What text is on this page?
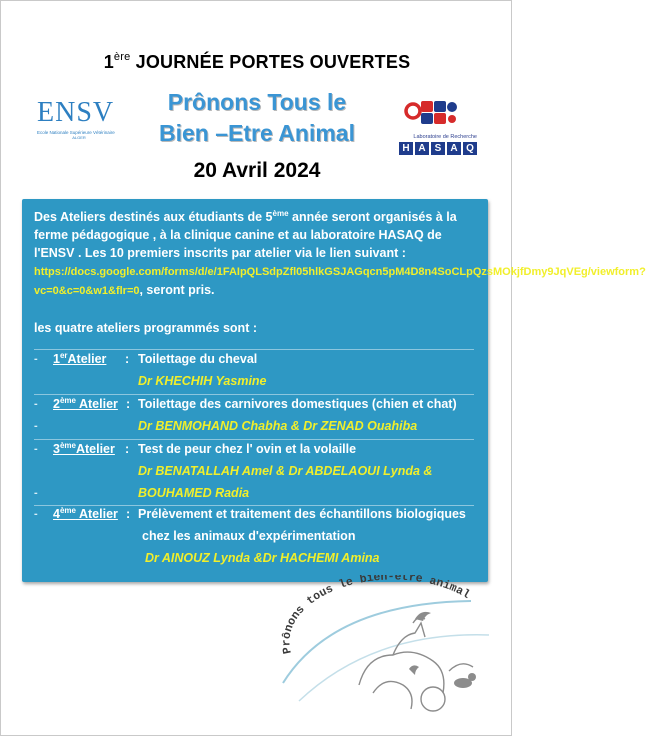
1ère JOURNÉE PORTES OUVERTES
ENSV
Ecole Nationale Supérieure Vétérinaire
ALGER
Prônons Tous le
Bien –Etre Animal	Laboratoire de Recherche
H A S A Q
20 Avril 2024
Des Ateliers destinés aux étudiants de 5ème année seront organisés à la ferme pédagogique , à la clinique canine et au laboratoire HASAQ de l'ENSV . Les 10 premiers inscrits par atelier via le lien suivant : https://docs.google.com/forms/d/e/1FAIpQLSdpZfl05hlkGSJAGqcn5pM4D8n4SoCLpQzsMOkjfDmy9JqVEg/viewform?vc=0&c=0&w1&flr=0, seront pris.
les quatre ateliers programmés sont :
- 1erAtelier : Toilettage du cheval
Dr KHECHIH Yasmine
- 2ème Atelier : Toilettage des carnivores domestiques (chien et chat)
-	Dr BENMOHAND Chabha & Dr ZENAD Ouahiba
- 3èmeAtelier : Test de peur chez l' ovin et la volaille
Dr BENATALLAH Amel & Dr ABDELAOUI Lynda &
-	BOUHAMED Radia
- 4ème Atelier : Prélèvement et traitement des échantillons biologiques
chez les animaux d'expérimentation
Dr AINOUZ Lynda &Dr HACHEMI Amina
Prônons tous le bien-être animal
